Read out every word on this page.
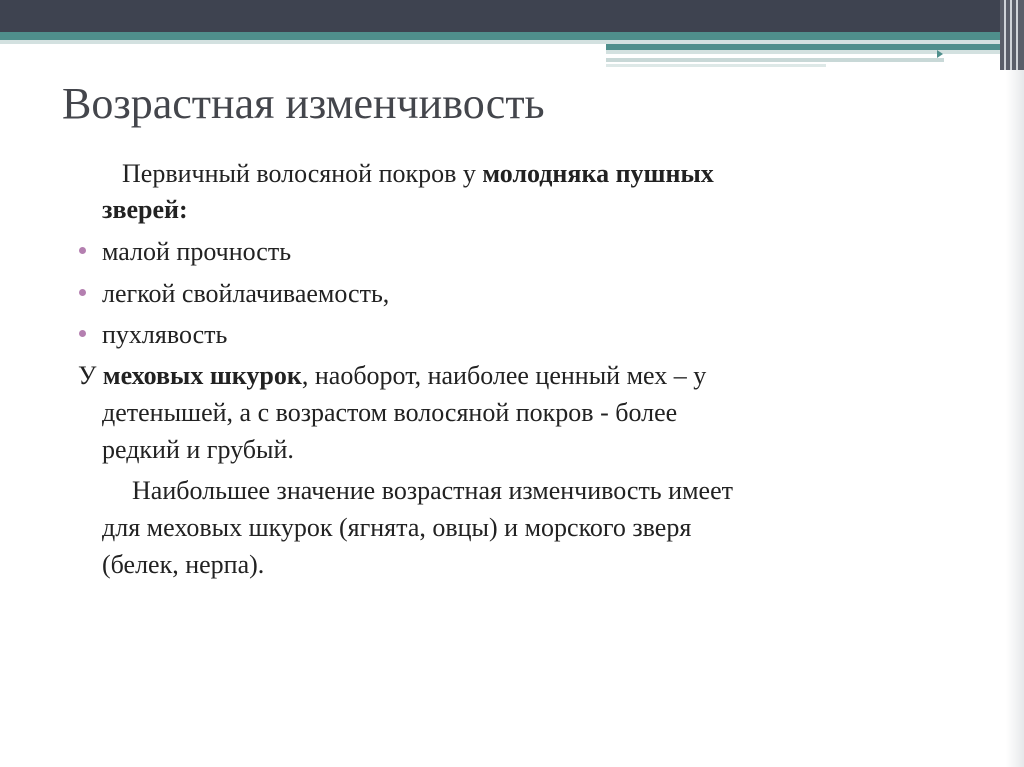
Возрастная изменчивость

Первичный волосяной покров у молодняка пушных

зверей:

малой прочность

легкой свойлачиваемость,

пухлявость

У меховых шкурок, наоборот, наиболее ценный мех – у

детенышей, а с возрастом волосяной покров - более

редкий и грубый.

Наибольшее значение возрастная изменчивость имеет

для меховых шкурок (ягнята, овцы) и морского зверя

(белек, нерпа).
